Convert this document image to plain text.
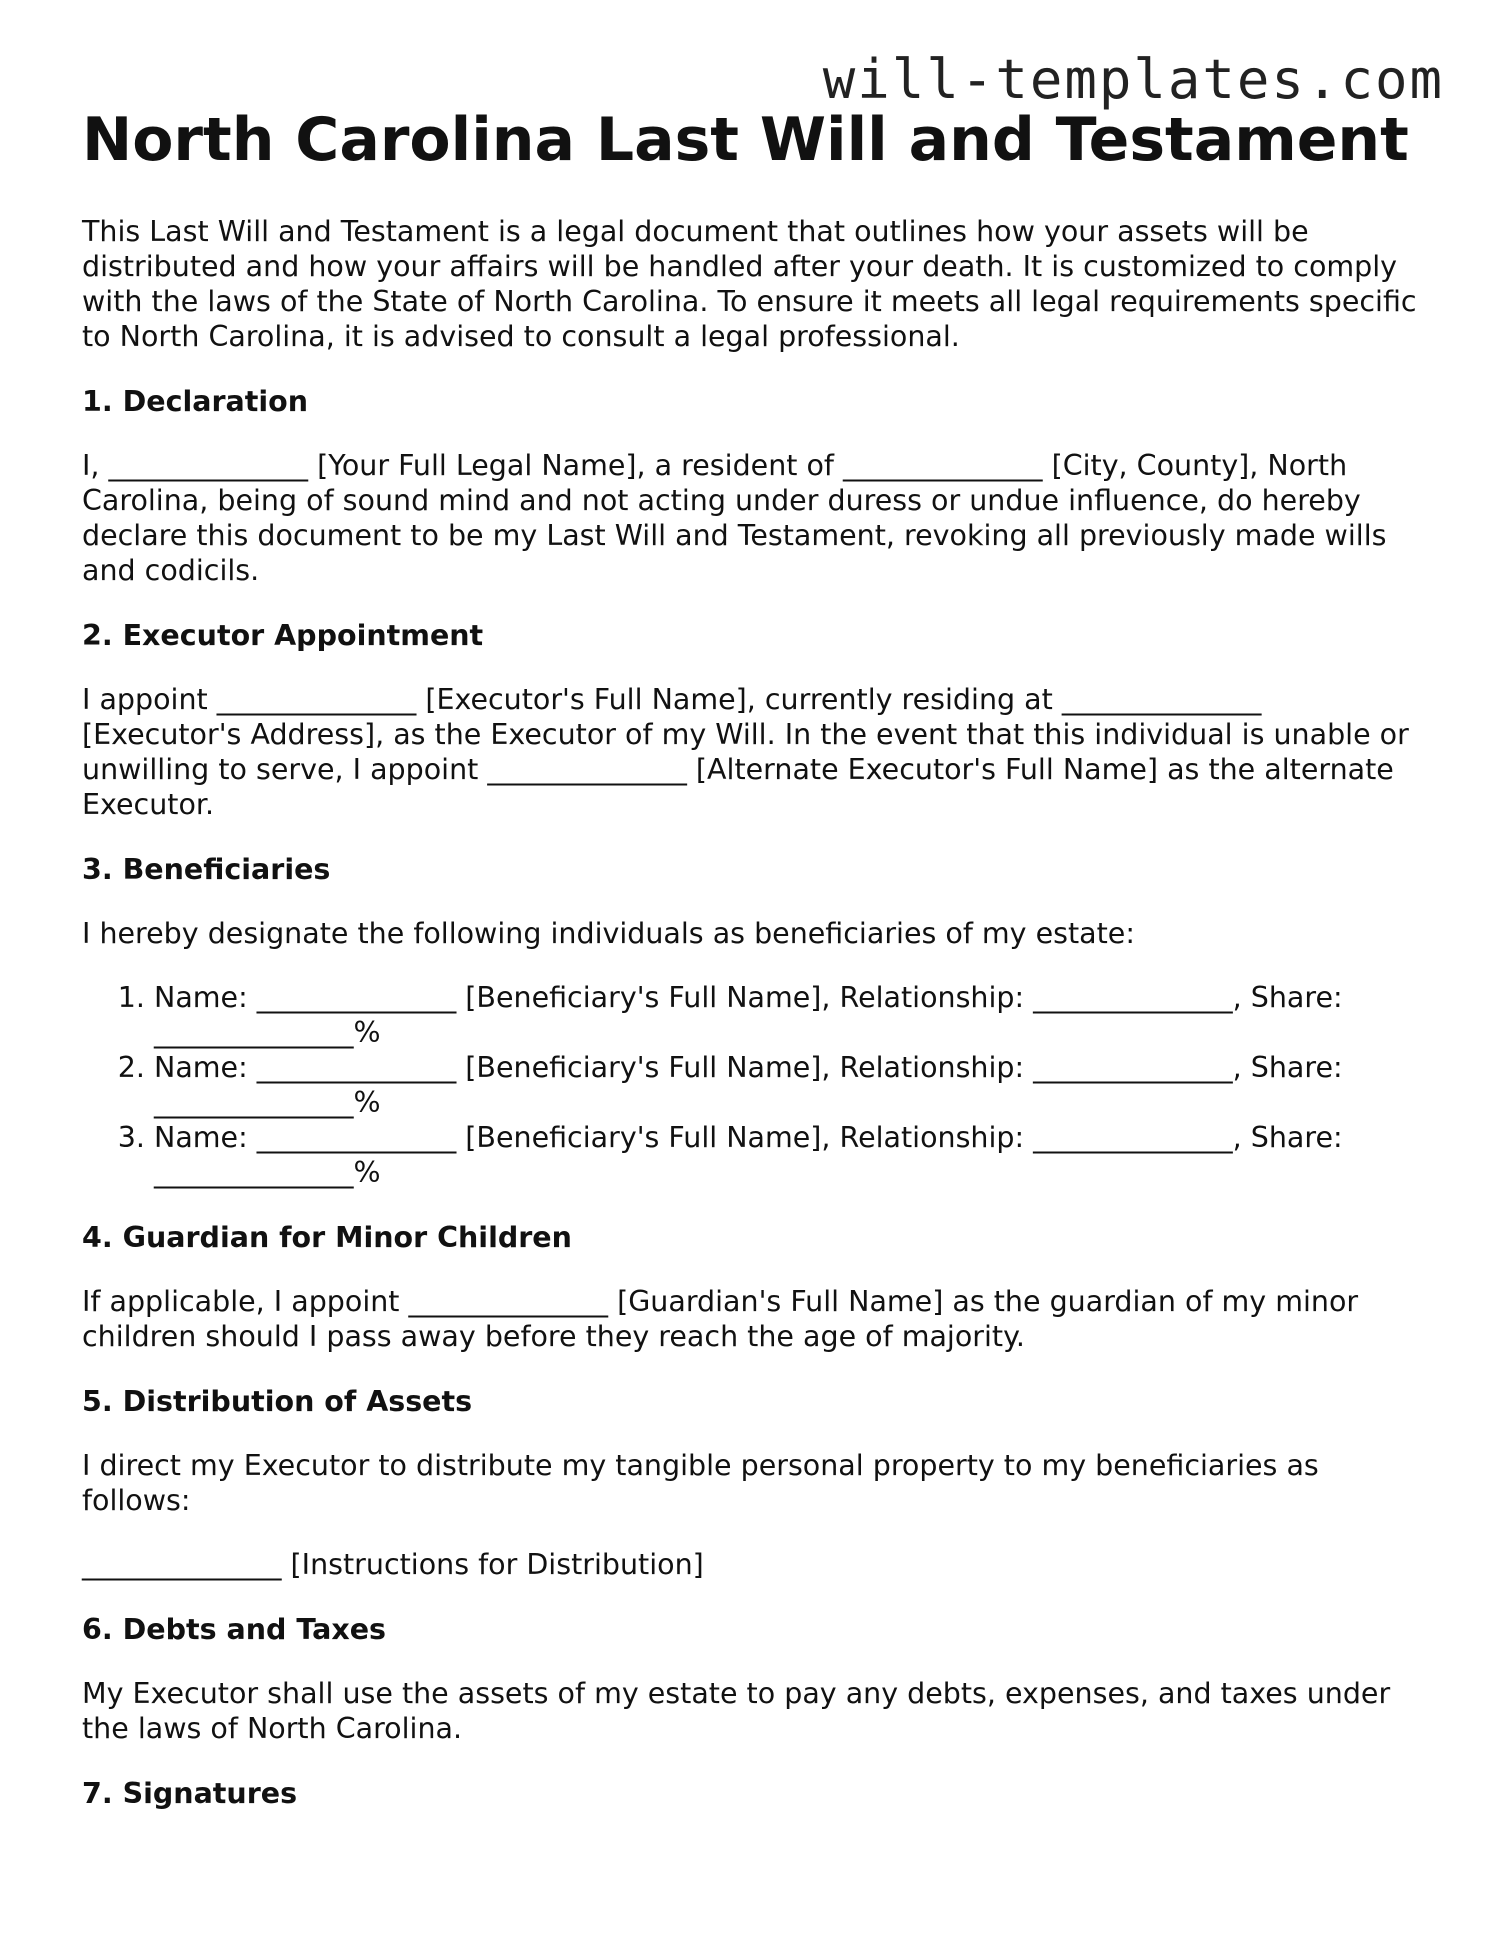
will-templates.com
North Carolina Last Will and Testament

This Last Will and Testament is a legal document that outlines how your assets will be distributed and how your affairs will be handled after your death. It is customized to comply with the laws of the State of North Carolina. To ensure it meets all legal requirements specific to North Carolina, it is advised to consult a legal professional.

1. Declaration

I, ______________ [Your Full Legal Name], a resident of ______________ [City, County], North Carolina, being of sound mind and not acting under duress or undue influence, do hereby declare this document to be my Last Will and Testament, revoking all previously made wills and codicils.

2. Executor Appointment

I appoint ______________ [Executor's Full Name], currently residing at ______________ [Executor's Address], as the Executor of my Will. In the event that this individual is unable or unwilling to serve, I appoint ______________ [Alternate Executor's Full Name] as the alternate Executor.

3. Beneficiaries

I hereby designate the following individuals as beneficiaries of my estate:

1. Name: ______________ [Beneficiary's Full Name], Relationship: ______________, Share: ______________%
2. Name: ______________ [Beneficiary's Full Name], Relationship: ______________, Share: ______________%
3. Name: ______________ [Beneficiary's Full Name], Relationship: ______________, Share: ______________%
4. Guardian for Minor Children

If applicable, I appoint ______________ [Guardian's Full Name] as the guardian of my minor children should I pass away before they reach the age of majority.

5. Distribution of Assets

I direct my Executor to distribute my tangible personal property to my beneficiaries as follows:

______________ [Instructions for Distribution]

6. Debts and Taxes

My Executor shall use the assets of my estate to pay any debts, expenses, and taxes under the laws of North Carolina.

7. Signatures
